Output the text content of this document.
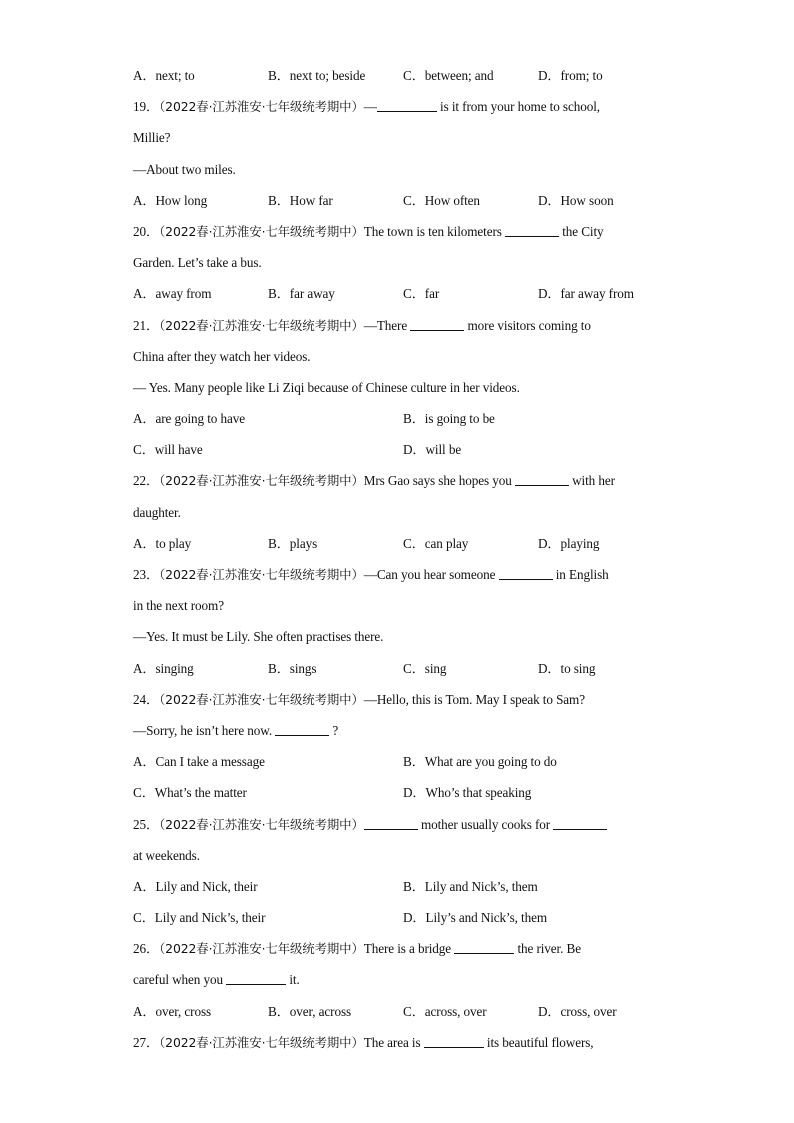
A．next; to	B．next to; beside	C．between; and	D．from; to
19．（2022春·江苏淮安·七年级统考期中）—	is it from your home to school,
Millie?
—About two miles.
A．How long	B．How far	C．How often	D．How soon
20．（2022春·江苏淮安·七年级统考期中）The town is ten kilometers	the City
Garden. Let’s take a bus.
A．away from	B．far away	C．far	D．far away from
21．（2022春·江苏淮安·七年级统考期中）—There	more visitors coming to
China after they watch her videos.
— Yes. Many people like Li Ziqi because of Chinese culture in her videos.
A．are going to have	B．is going to be
C．will have	D．will be
22．（2022春·江苏淮安·七年级统考期中）Mrs Gao says she hopes you	with her
daughter.
A．to play	B．plays	C．can play	D．playing
23．（2022春·江苏淮安·七年级统考期中）—Can you hear someone	in English
in the next room?
—Yes. It must be Lily. She often practises there.
A．singing	B．sings	C．sing	D．to sing
24．（2022春·江苏淮安·七年级统考期中）—Hello, this is Tom. May I speak to Sam?
—Sorry, he isn’t here now.	?
A．Can I take a message	B．What are you going to do
C．What’s the matter	D．Who’s that speaking
25．（2022春·江苏淮安·七年级统考期中）	mother usually cooks for
at weekends.
A．Lily and Nick, their	B．Lily and Nick’s, them
C．Lily and Nick’s, their	D．Lily’s and Nick’s, them
26．（2022春·江苏淮安·七年级统考期中）There is a bridge	the river. Be
careful when you	it.
A．over, cross	B．over, across	C．across, over	D．cross, over
27．（2022春·江苏淮安·七年级统考期中）The area is	its beautiful flowers,
